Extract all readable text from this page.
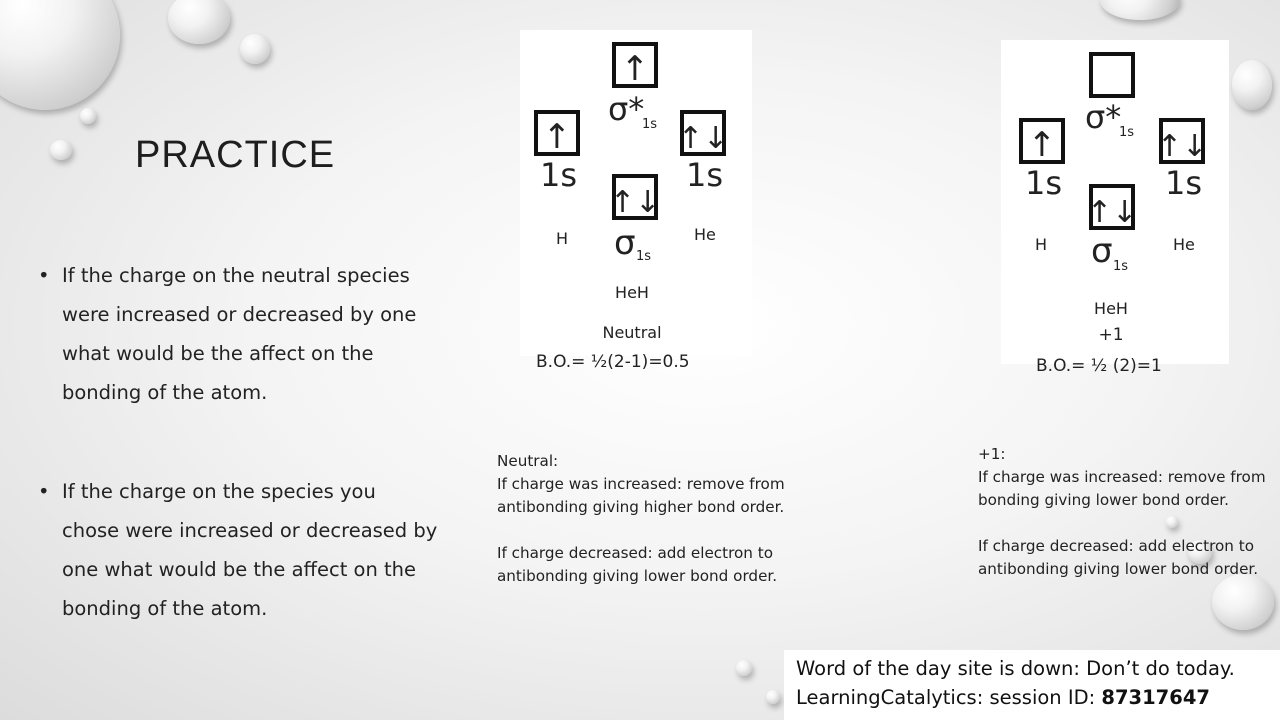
PRACTICE
• If the charge on the neutral species were increased or decreased by one what would be the affect on the bonding of the atom.
• If the charge on the species you chose were increased or decreased by one what would be the affect on the bonding of the atom.
↑
↑	↑↓
↑↓
σ*
1s
1s	1s
σ 1s
H	He
HeH
Neutral
B.O.= ½(2-1)=0.5
↑	↑↓
↑↓
σ*
1s
1s	1s
σ 1s
H	He
HeH
+1
B.O.= ½ (2)=1

Neutral:
If charge was increased: remove from antibonding giving higher bond order.

If charge decreased: add electron to antibonding giving lower bond order.

+1:
If charge was increased: remove from bonding giving lower bond order.

If charge decreased: add electron to antibonding giving lower bond order.

Word of the day site is down: Don’t do today.
LearningCatalytics: session ID: 87317647
